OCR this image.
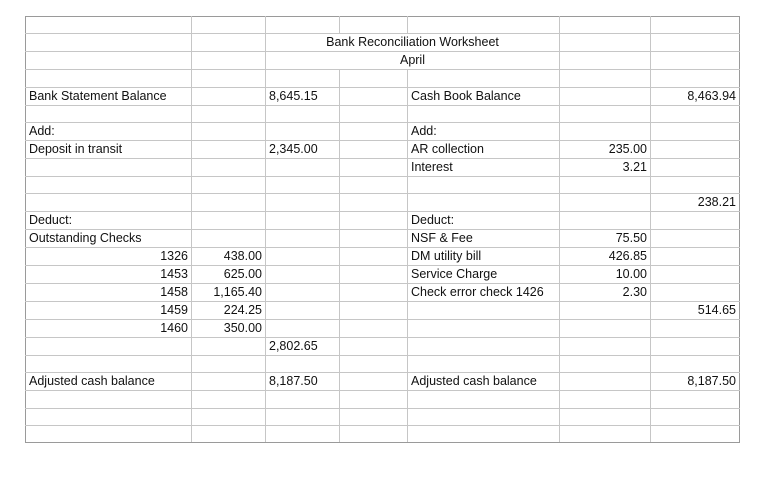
		Bank Reconciliation Worksheet				
		April				

Bank Statement Balance		8,645.15		Cash Book Balance		8,463.94

Add:				Add:		
Deposit in transit		2,345.00		AR collection	235.00	
				Interest	3.21	

						238.21
Deduct:				Deduct:		
Outstanding Checks				NSF & Fee	75.50	
1326	438.00			DM utility bill	426.85	
1453	625.00			Service Charge	10.00	
1458	1,165.40			Check error check 1426	2.30	
1459	224.25					514.65
1460	350.00					
		2,802.65				

Adjusted cash balance		8,187.50		Adjusted cash balance		8,187.50
